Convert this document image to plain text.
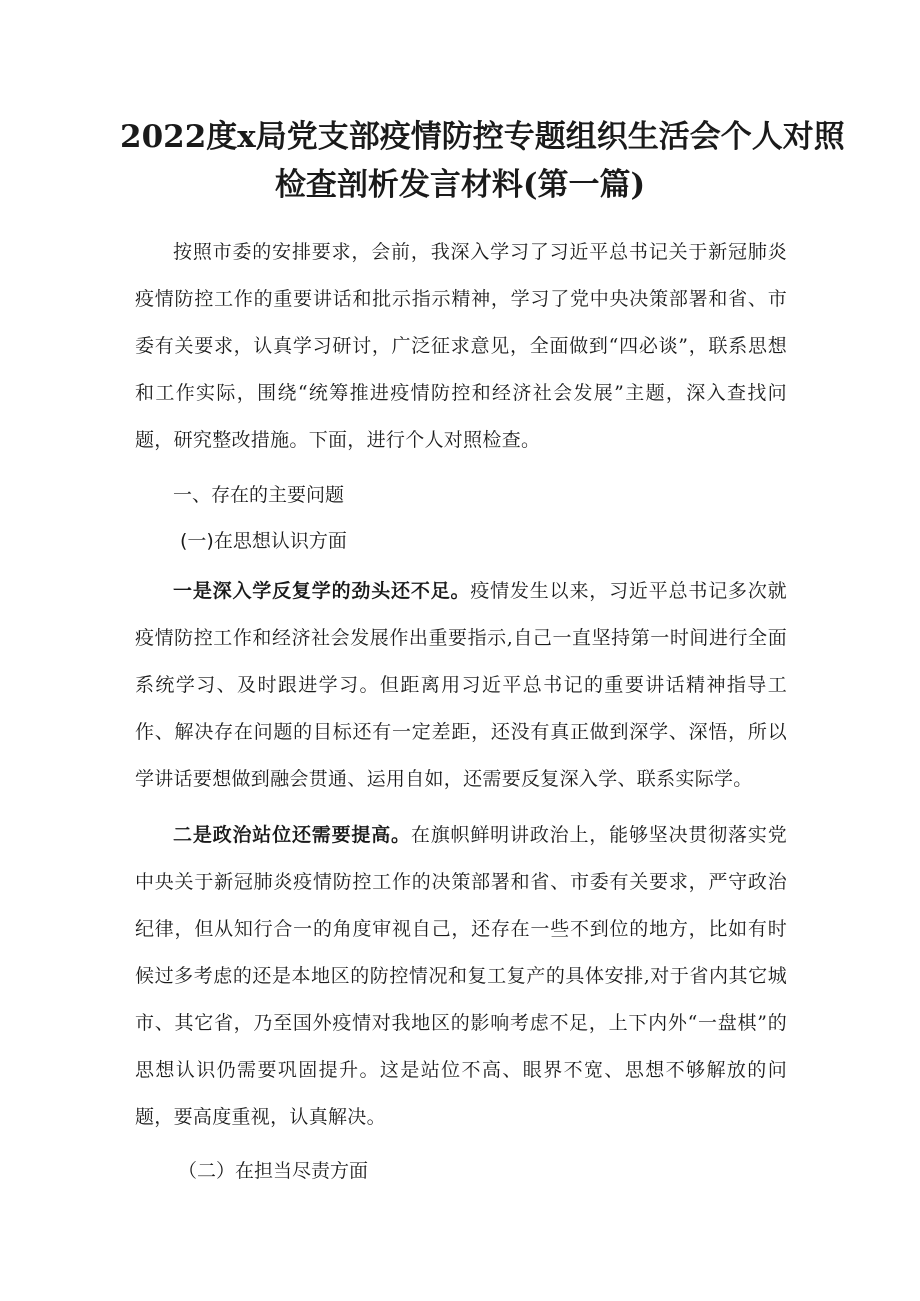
2022度x局党支部疫情防控专题组织生活会个人对照
检查剖析发言材料(第一篇)

按照市委的安排要求，会前，我深入学习了习近平总书记关于新冠肺炎疫情防控工作的重要讲话和批示指示精神，学习了党中央决策部署和省、市委有关要求，认真学习研讨，广泛征求意见，全面做到“四必谈”，联系思想和工作实际，围绕“统筹推进疫情防控和经济社会发展”主题，深入查找问题，研究整改措施。下面，进行个人对照检查。

一、存在的主要问题

(一)在思想认识方面

一是深入学反复学的劲头还不足。疫情发生以来，习近平总书记多次就疫情防控工作和经济社会发展作出重要指示,自己一直坚持第一时间进行全面系统学习、及时跟进学习。但距离用习近平总书记的重要讲话精神指导工作、解决存在问题的目标还有一定差距，还没有真正做到深学、深悟，所以学讲话要想做到融会贯通、运用自如，还需要反复深入学、联系实际学。

二是政治站位还需要提高。在旗帜鲜明讲政治上，能够坚决贯彻落实党中央关于新冠肺炎疫情防控工作的决策部署和省、市委有关要求，严守政治纪律，但从知行合一的角度审视自己，还存在一些不到位的地方，比如有时候过多考虑的还是本地区的防控情况和复工复产的具体安排,对于省内其它城市、其它省，乃至国外疫情对我地区的影响考虑不足，上下内外“一盘棋”的思想认识仍需要巩固提升。这是站位不高、眼界不宽、思想不够解放的问题，要高度重视，认真解决。

（二）在担当尽责方面
